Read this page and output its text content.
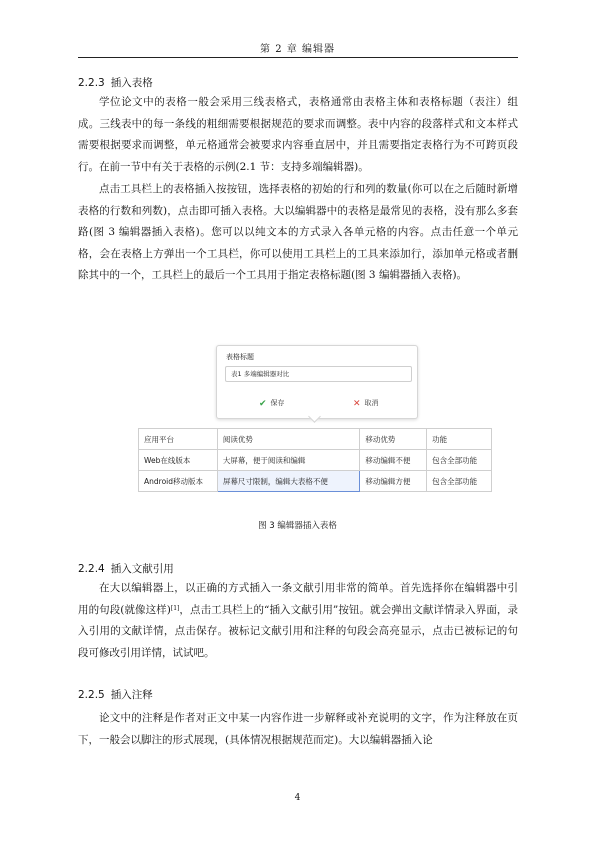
第 2 章 编辑器
2.2.3 插入表格
学位论文中的表格一般会采用三线表格式，表格通常由表格主体和表格标题（表注）组成。三线表中的每一条线的粗细需要根据规范的要求而调整。表中内容的段落样式和文本样式需要根据要求而调整，单元格通常会被要求内容垂直居中，并且需要指定表格行为不可跨页段行。在前一节中有关于表格的示例(2.1 节：支持多端编辑器)。
点击工具栏上的表格插入按按钮，选择表格的初始的行和列的数量(你可以在之后随时新增表格的行数和列数)，点击即可插入表格。大以编辑器中的表格是最常见的表格，没有那么多套路(图 3 编辑器插入表格)。您可以以纯文本的方式录入各单元格的内容。点击任意一个单元格，会在表格上方弹出一个工具栏，你可以使用工具栏上的工具来添加行，添加单元格或者删除其中的一个，工具栏上的最后一个工具用于指定表格标题(图 3 编辑器插入表格)。
表格标题
表1 多端编辑器对比
✔ 保存	✕ 取消
应用平台	阅读优势	移动优势	功能
Web在线版本	大屏幕，便于阅读和编辑	移动编辑不便	包含全部功能
Android移动版本	屏幕尺寸限制，编辑大表格不便	移动编辑方便	包含全部功能
图 3 编辑器插入表格
2.2.4 插入文献引用
在大以编辑器上，以正确的方式插入一条文献引用非常的简单。首先选择你在编辑器中引用的句段(就像这样)[1]，点击工具栏上的“插入文献引用”按钮。就会弹出文献详情录入界面，录入引用的文献详情，点击保存。被标记文献引用和注释的句段会高亮显示，点击已被标记的句段可修改引用详情，试试吧。
2.2.5 插入注释
论文中的注释是作者对正文中某一内容作进一步解释或补充说明的文字，作为注释放在页下，一般会以脚注的形式展现，(具体情况根据规范而定)。大以编辑器插入论
4
